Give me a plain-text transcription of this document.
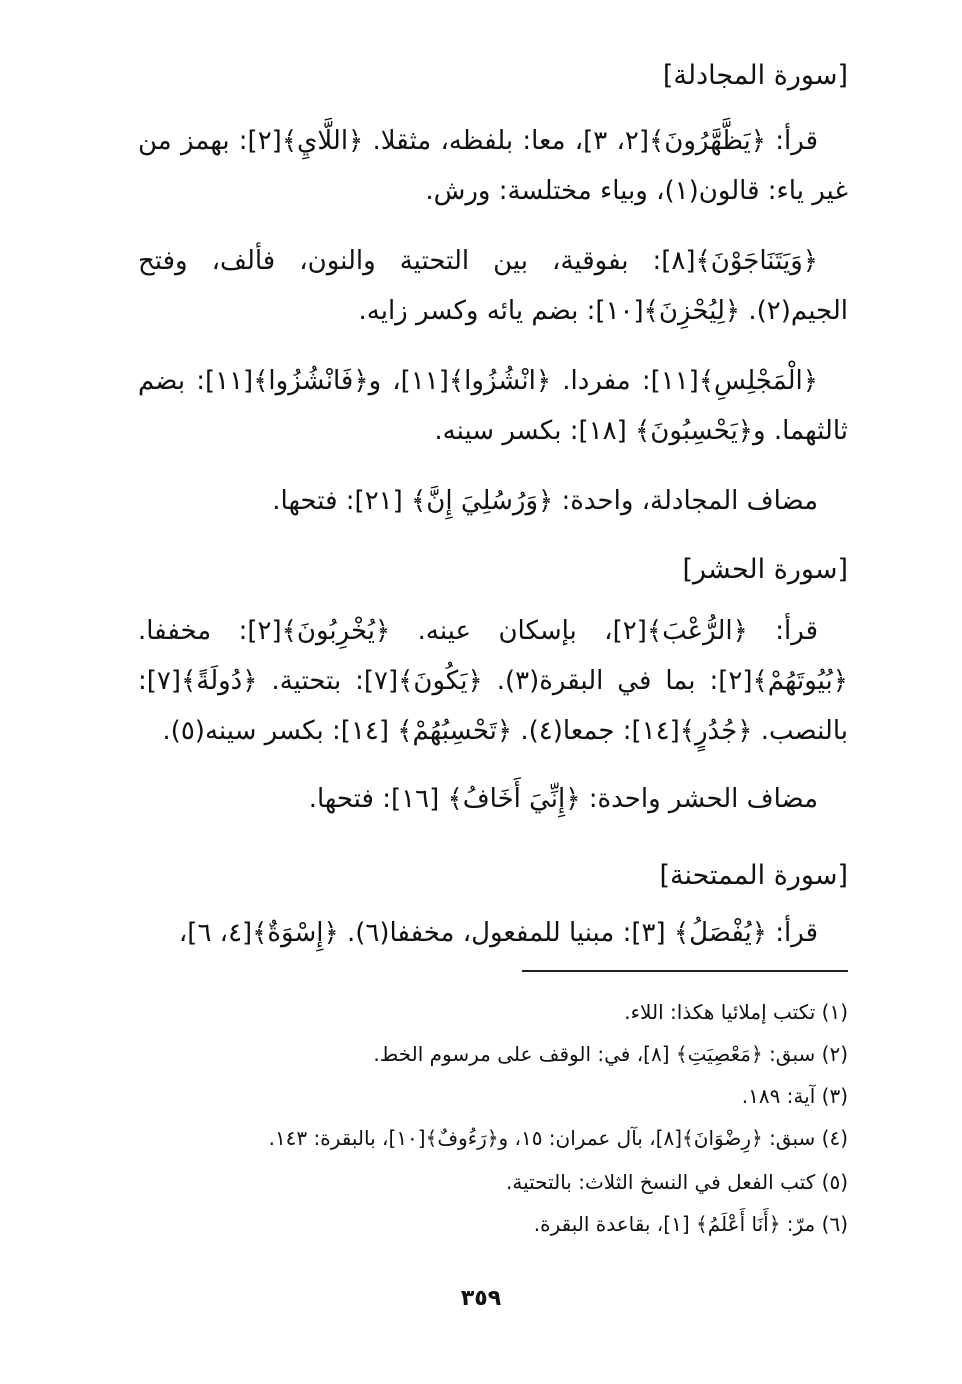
[سورة المجادلة]
قرأ: ﴿يَظَّهَّرُونَ﴾[٢، ٣]، معا: بلفظه، مثقلا. ﴿اللَّايِ﴾[٢]: بهمز من غير ياء: قالون(١)، وبياء مختلسة: ورش.
﴿وَيَتَنَاجَوْنَ﴾[٨]: بفوقية، بين التحتية والنون، فألف، وفتح الجيم(٢). ﴿لِيُحْزِنَ﴾[١٠]: بضم يائه وكسر زايه.
﴿الْمَجْلِسِ﴾[١١]: مفردا. ﴿انْشُزُوا﴾[١١]، و﴿فَانْشُزُوا﴾[١١]: بضم ثالثهما. و﴿يَحْسِبُونَ﴾ [١٨]: بكسر سينه.
مضاف المجادلة، واحدة: ﴿وَرُسُلِيَ إِنَّ﴾ [٢١]: فتحها.
[سورة الحشر]
قرأ: ﴿الرُّعْبَ﴾[٢]، بإسكان عينه. ﴿يُخْرِبُونَ﴾[٢]: مخففا. ﴿بُيُوتَهُمْ﴾[٢]: بما في البقرة(٣). ﴿يَكُونَ﴾[٧]: بتحتية. ﴿دُولَةً﴾[٧]: بالنصب. ﴿جُدُرٍ﴾[١٤]: جمعا(٤). ﴿تَحْسِبُهُمْ﴾ [١٤]: بكسر سينه(٥).
مضاف الحشر واحدة: ﴿إِنِّيَ أَخَافُ﴾ [١٦]: فتحها.
[سورة الممتحنة]
قرأ: ﴿يُفْصَلُ﴾ [٣]: مبنيا للمفعول، مخففا(٦). ﴿إِسْوَةٌ﴾[٤، ٦]،
(١) تكتب إملائيا هكذا: اللاء.
(٢) سبق: ﴿مَعْصِيَتِ﴾ [٨]، في: الوقف على مرسوم الخط.
(٣) آية: ١٨٩.
(٤) سبق: ﴿رِضْوَانَ﴾[٨]، بآل عمران: ١٥، و﴿رَءُوفٌ﴾[١٠]، بالبقرة: ١٤٣.
(٥) كتب الفعل في النسخ الثلاث: بالتحتية.
(٦) مرّ: ﴿أَنَا أَعْلَمُ﴾ [١]، بقاعدة البقرة.
٣٥٩
